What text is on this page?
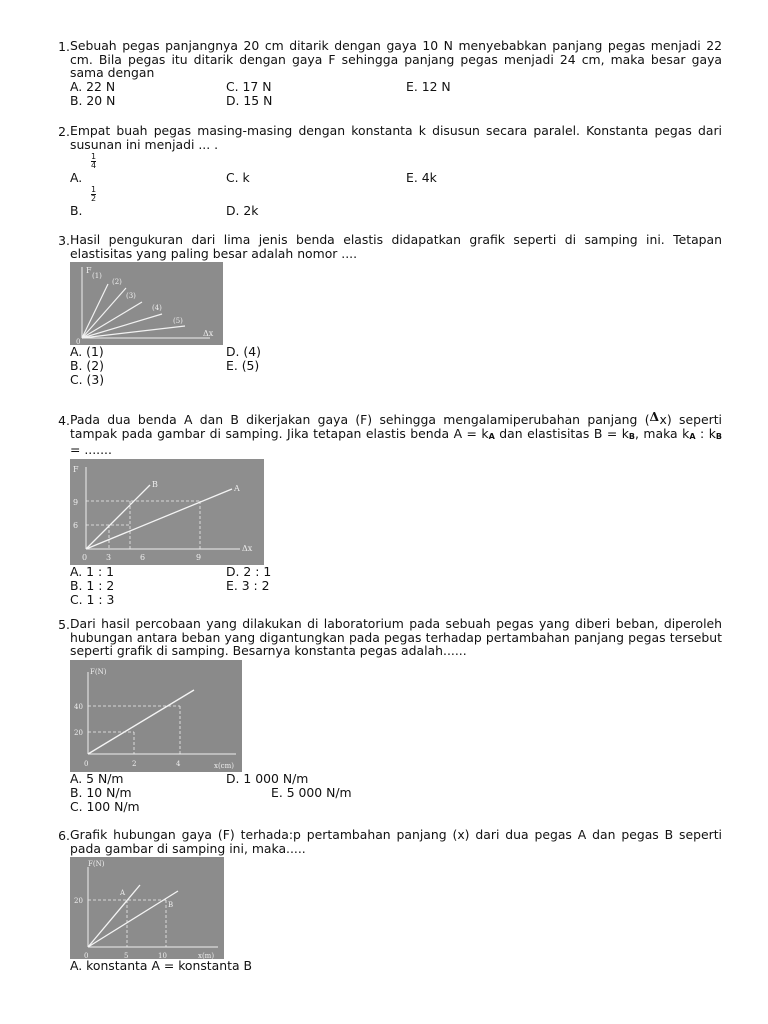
1. Sebuah pegas panjangnya 20 cm ditarik dengan gaya 10 N menyebabkan panjang pegas menjadi 22 cm. Bila pegas itu ditarik dengan gaya F sehingga panjang pegas menjadi 24 cm, maka besar gaya sama dengan
A. 22 N
B. 20 N
C. 17 N
D. 15 N
E. 12 N
2. Empat buah pegas masing-masing dengan konstanta k disusun secara paralel. Konstanta pegas dari susunan ini menjadi ... .
$\frac{1}{4}$
A.
$\frac{1}{2}$
B.
C. k
D. 2k
E. 4k
3. Hasil pengukuran dari lima jenis benda elastis didapatkan grafik seperti di samping ini. Tetapan elastisitas yang paling besar adalah nomor ....
F
Δx
0
(1)
(2)
(3)
(4)
(5)
A. (1)
B. (2)
C. (3)
D. (4)
E. (5)
4. Pada dua benda A dan B dikerjakan gaya (F) sehingga mengalamiperubahan panjang ( Δ x) seperti tampak pada gambar di samping. Jika tetapan elastis benda $A = k_A$ dan elastisitas $B = k_B$, maka $k_A$ : $k_B$ = .......
F
Δx
9
6
0 3	6	9
B	A
A. 1 : 1
B. 1 : 2
C. 1 : 3
D. 2 : 1
E. 3 : 2
5. Dari hasil percobaan yang dilakukan di laboratorium pada sebuah pegas yang diberi beban, diperoleh hubungan antara beban yang digantungkan pada pegas terhadap pertambahan panjang pegas tersebut seperti grafik di samping. Besarnya konstanta pegas adalah......
F(N)
x(cm)
40
20
0	2	4
A. 5 N/m
B. 10 N/m
C. 100 N/m
D. 1 000 N/m
E. 5 000 N/m
6. Grafik hubungan gaya (F) terhada:p pertambahan panjang (x) dari dua pegas A dan pegas B seperti pada gambar di samping ini, maka.....
F(N)
x(m)
20
0	5	10
A
B
A. konstanta A = konstanta B
